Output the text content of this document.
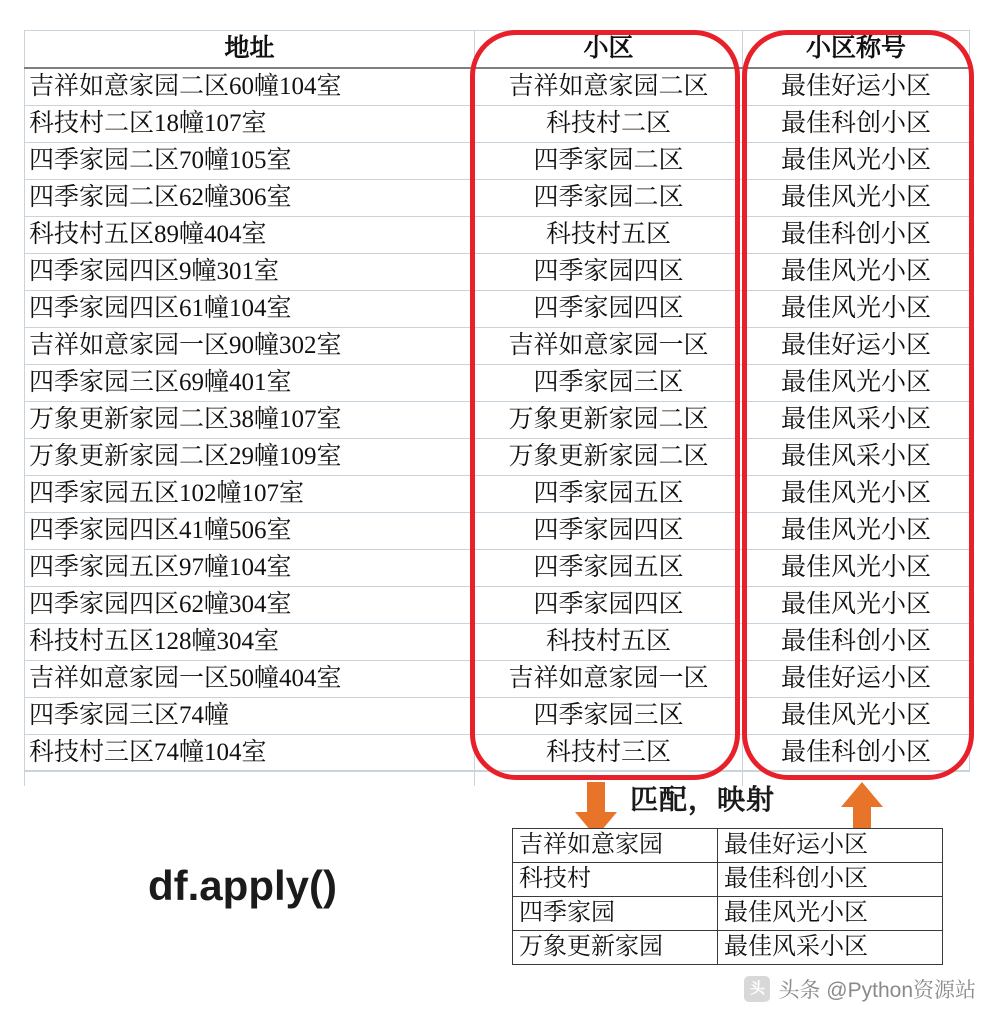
地址	小区	小区称号
吉祥如意家园二区60幢104室	吉祥如意家园二区	最佳好运小区
科技村二区18幢107室	科技村二区	最佳科创小区
四季家园二区70幢105室	四季家园二区	最佳风光小区
四季家园二区62幢306室	四季家园二区	最佳风光小区
科技村五区89幢404室	科技村五区	最佳科创小区
四季家园四区9幢301室	四季家园四区	最佳风光小区
四季家园四区61幢104室	四季家园四区	最佳风光小区
吉祥如意家园一区90幢302室	吉祥如意家园一区	最佳好运小区
四季家园三区69幢401室	四季家园三区	最佳风光小区
万象更新家园二区38幢107室	万象更新家园二区	最佳风采小区
万象更新家园二区29幢109室	万象更新家园二区	最佳风采小区
四季家园五区102幢107室	四季家园五区	最佳风光小区
四季家园四区41幢506室	四季家园四区	最佳风光小区
四季家园五区97幢104室	四季家园五区	最佳风光小区
四季家园四区62幢304室	四季家园四区	最佳风光小区
科技村五区128幢304室	科技村五区	最佳科创小区
吉祥如意家园一区50幢404室	吉祥如意家园一区	最佳好运小区
四季家园三区74幢	四季家园三区	最佳风光小区
科技村三区74幢104室	科技村三区	最佳科创小区

匹配，映射
df.apply()
吉祥如意家园	最佳好运小区
科技村	最佳科创小区
四季家园	最佳风光小区
万象更新家园	最佳风采小区
头 头条 @Python资源站
